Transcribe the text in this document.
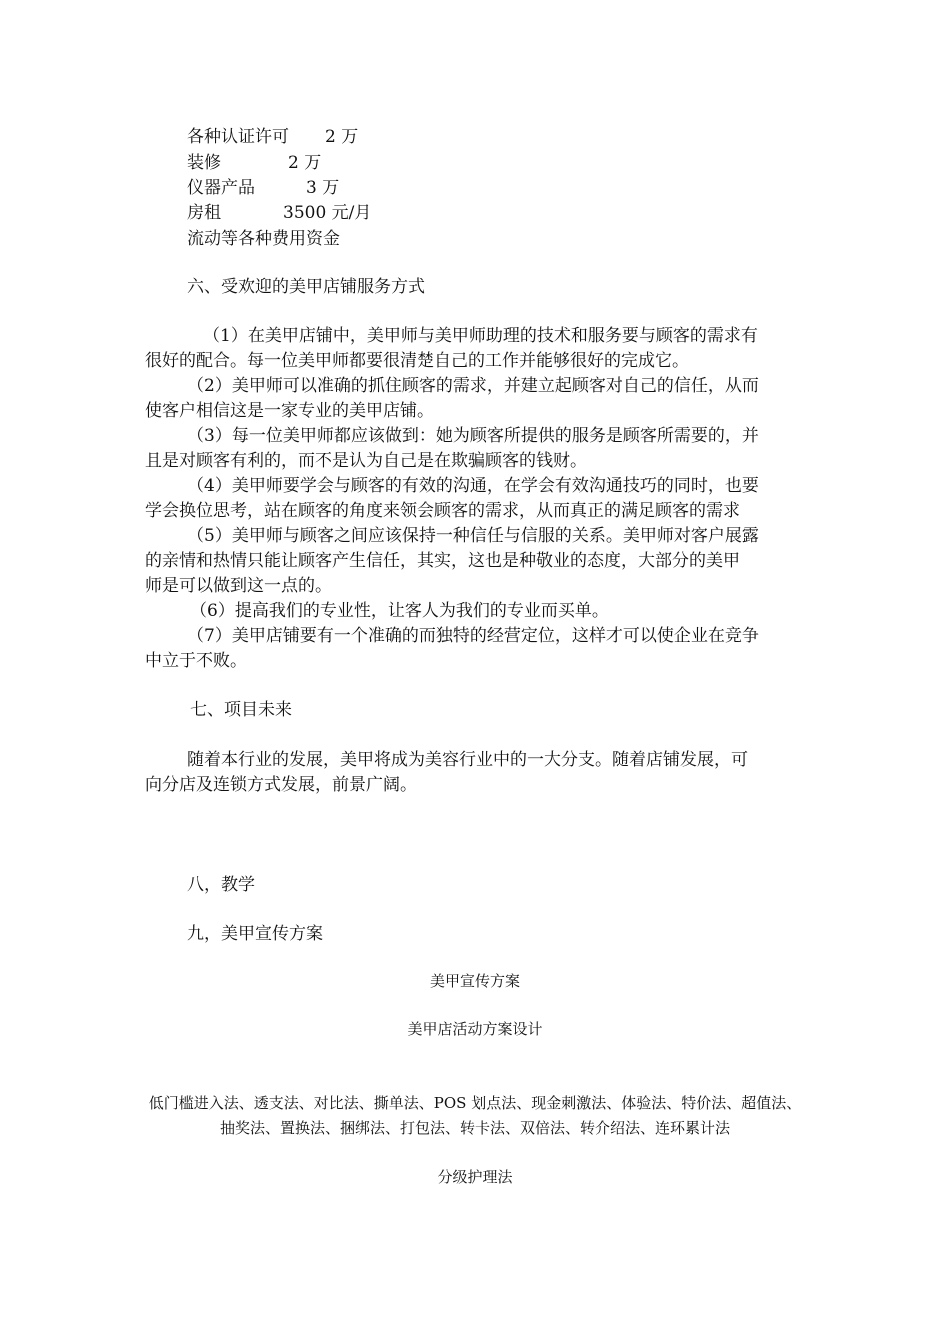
各种认证许可 2 万
装修	2 万
仪器产品	3 万
房租	3500 元/月
流动等各种费用资金
六、受欢迎的美甲店铺服务方式
（1）在美甲店铺中，美甲师与美甲师助理的技术和服务要与顾客的需求有
很好的配合。每一位美甲师都要很清楚自己的工作并能够很好的完成它。
（2）美甲师可以准确的抓住顾客的需求，并建立起顾客对自己的信任，从而
使客户相信这是一家专业的美甲店铺。
（3）每一位美甲师都应该做到：她为顾客所提供的服务是顾客所需要的，并
且是对顾客有利的，而不是认为自己是在欺骗顾客的钱财。
（4）美甲师要学会与顾客的有效的沟通，在学会有效沟通技巧的同时，也要
学会换位思考，站在顾客的角度来领会顾客的需求，从而真正的满足顾客的需求
（5）美甲师与顾客之间应该保持一种信任与信服的关系。美甲师对客户展露
的亲情和热情只能让顾客产生信任，其实，这也是种敬业的态度，大部分的美甲
师是可以做到这一点的。
（6）提高我们的专业性，让客人为我们的专业而买单。
（7）美甲店铺要有一个准确的而独特的经营定位，这样才可以使企业在竞争
中立于不败。
七、项目未来
随着本行业的发展，美甲将成为美容行业中的一大分支。随着店铺发展，可
向分店及连锁方式发展，前景广阔。
八，教学
九，美甲宣传方案
美甲宣传方案
美甲店活动方案设计
低门槛进入法、透支法、对比法、撕单法、POS 划点法、现金刺激法、体验法、特价法、超值法、
抽奖法、置换法、捆绑法、打包法、转卡法、双倍法、转介绍法、连环累计法
分级护理法
